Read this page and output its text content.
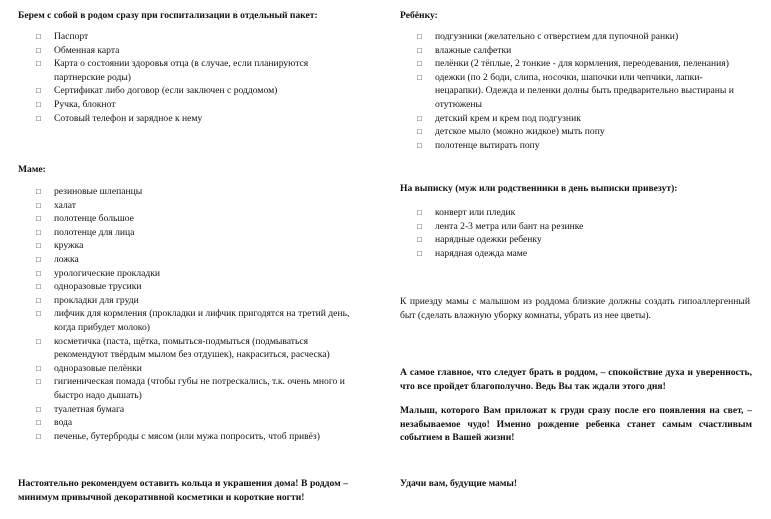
Берем с собой в родом сразу при госпитализации в отдельный пакет:
□ Паспорт
□ Обменная карта
□ Карта о состоянии здоровья отца (в случае, если планируются партнерские роды)
□ Сертификат либо договор (если заключен с роддомом)
□ Ручка, блокнот
□ Сотовый телефон и зарядное к нему
Маме:
□ резиновые шлепанцы
□ халат
□ полотенце большое
□ полотенце для лица
□ кружка
□ ложка
□ урологические прокладки
□ одноразовые трусики
□ прокладки для груди
□ лифчик для кормления (прокладки и лифчик пригодятся на третий день, когда прибудет молоко)
□ косметичка (паста, щётка, помыться-подмыться (подмываться рекомендуют твёрдым мылом без отдушек), накраситься, расческа)
□ одноразовые пелёнки
□ гигиеническая помада (чтобы губы не потрескались, т.к. очень много и быстро надо дышать)
□ туалетная бумага
□ вода
□ печенье, бутерброды с мясом (или мужа попросить, чтоб привёз)
Настоятельно рекомендуем оставить кольца и украшения дома! В роддом – минимум привычной декоративной косметики и короткие ногти!
Ребёнку:
□ подгузники (желательно с отверстием для пупочной ранки)
□ влажные салфетки
□ пелёнки (2 тёплые, 2 тонкие - для кормления, переодевания, пеленания)
□ одежки (по 2 боди, слипа, носочки, шапочки или чепчики, лапки-нецарапки). Одежда и пеленки долны быть предварительно выстираны и отутюжены
□ детский крем и крем под подгузник
□ детское мыло (можно жидкое) мыть попу
□ полотенце вытирать попу
На выписку (муж или родственники в день выписки привезут):
□ конверт или пледик
□ лента 2-3 метра или бант на резинке
□ нарядные одежки ребенку
□ нарядная одежда маме
К приезду мамы с малышом из роддома близкие должны создать гипоаллергенный быт (сделать влажную уборку комнаты, убрать из нее цветы).
А самое главное, что следует брать в роддом, – спокойствие духа и уверенность, что все пройдет благополучно. Ведь Вы так ждали этого дня!
Малыш, которого Вам приложат к груди сразу после его появления на свет, – незабываемое чудо! Именно рождение ребенка станет самым счастливым событием в Вашей жизни!
Удачи вам, будущие мамы!
